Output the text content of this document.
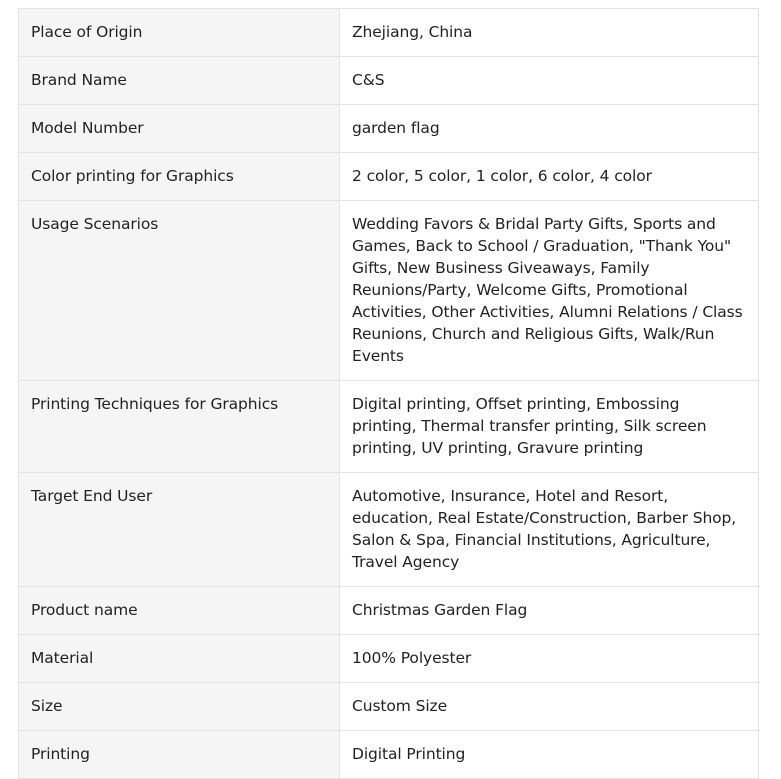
Place of Origin	Zhejiang, China
Brand Name	C&S
Model Number	garden flag
Color printing for Graphics	2 color, 5 color, 1 color, 6 color, 4 color
Usage Scenarios	Wedding Favors & Bridal Party Gifts, Sports and Games, Back to School / Graduation, "Thank You" Gifts, New Business Giveaways, Family Reunions/Party, Welcome Gifts, Promotional Activities, Other Activities, Alumni Relations / Class Reunions, Church and Religious Gifts, Walk/Run Events
Printing Techniques for Graphics	Digital printing, Offset printing, Embossing printing, Thermal transfer printing, Silk screen printing, UV printing, Gravure printing
Target End User	Automotive, Insurance, Hotel and Resort, education, Real Estate/Construction, Barber Shop, Salon & Spa, Financial Institutions, Agriculture, Travel Agency
Product name	Christmas Garden Flag
Material	100% Polyester
Size	Custom Size
Printing	Digital Printing
